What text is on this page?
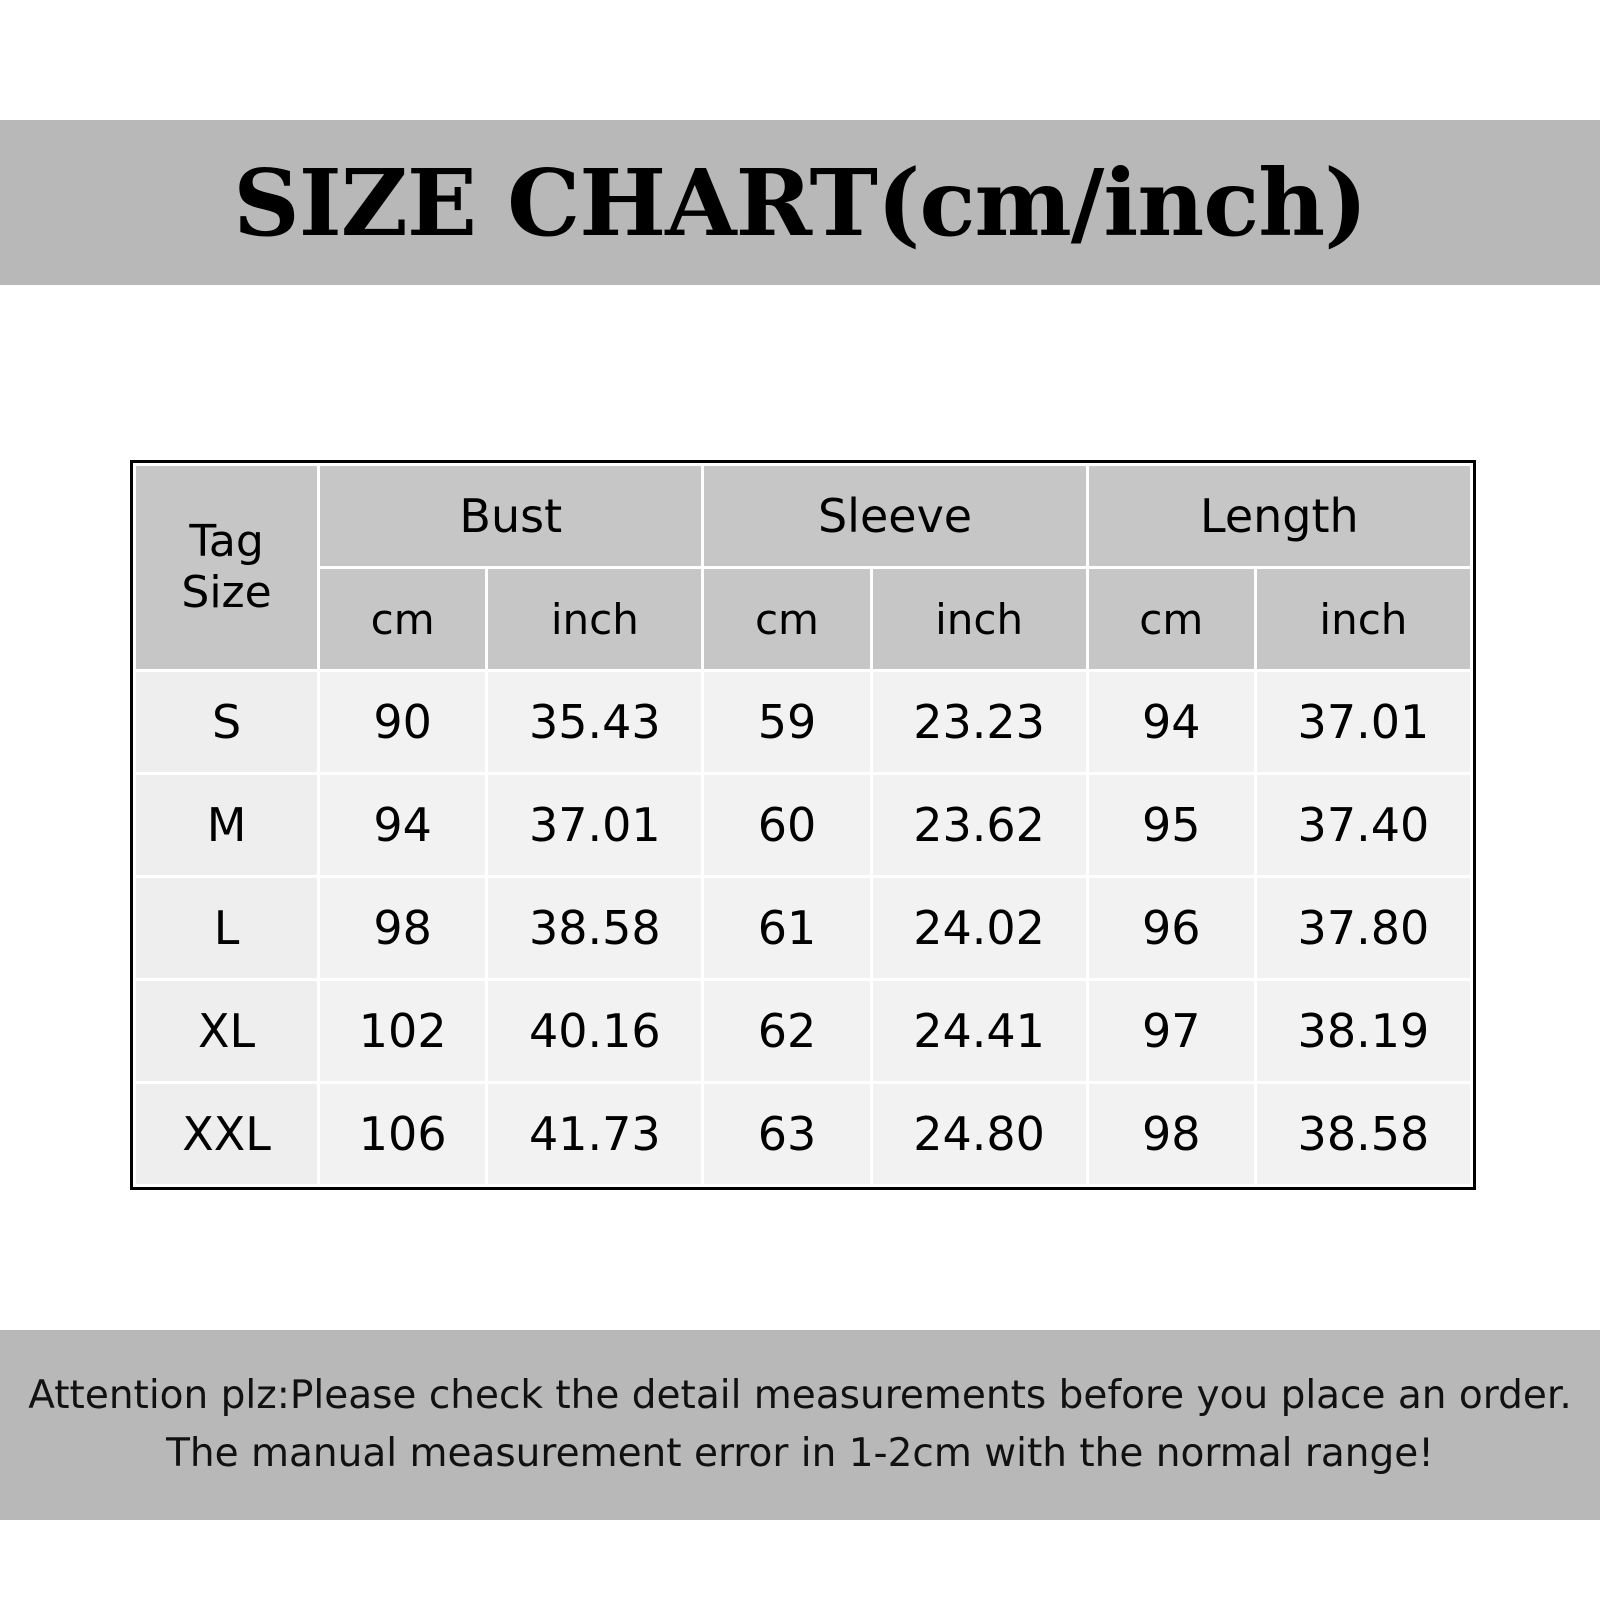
SIZE CHART(cm/inch)
Tag
Size	Bust		Sleeve		Length	
	cm	inch	cm	inch	cm	inch
S	90	35.43	59	23.23	94	37.01
M	94	37.01	60	23.62	95	37.40
L	98	38.58	61	24.02	96	37.80
XL	102	40.16	62	24.41	97	38.19
XXL	106	41.73	63	24.80	98	38.58
Attention plz:Please check the detail measurements before you place an order.
The manual measurement error in 1-2cm with the normal range!
